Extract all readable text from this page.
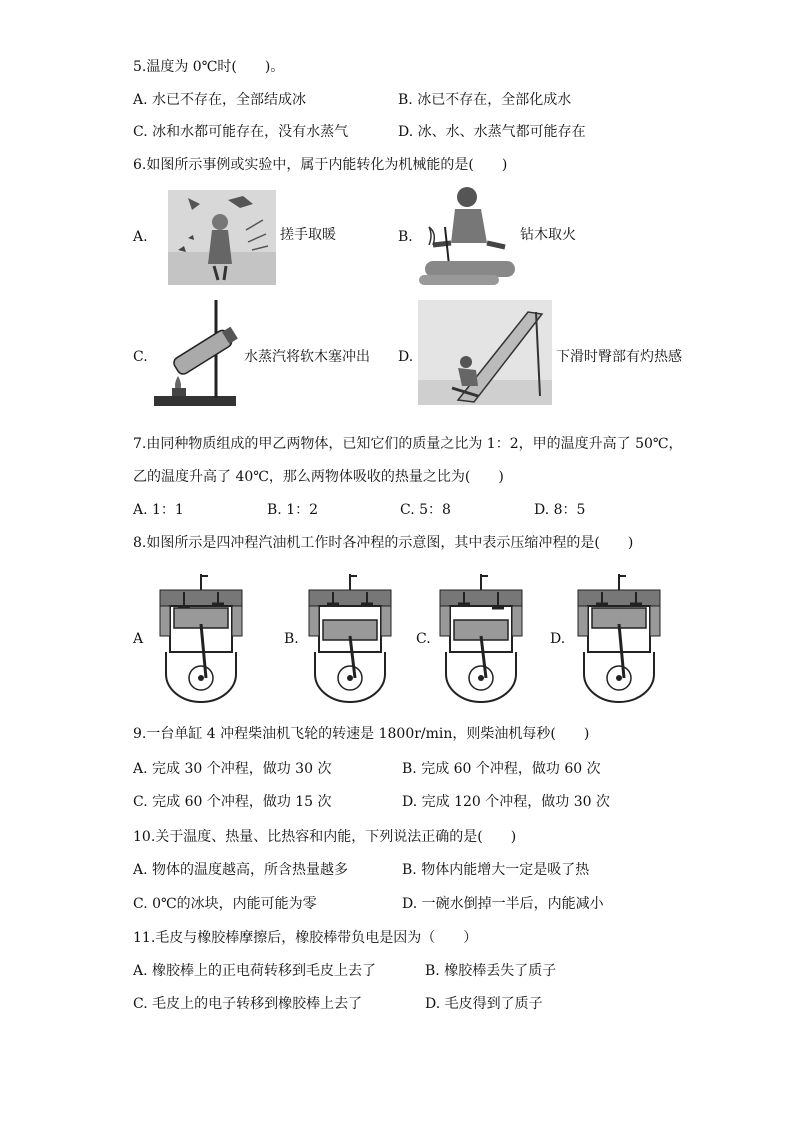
5.温度为 0℃时(　　)。
A. 水已不存在，全部结成冰	B. 冰已不存在，全部化成水
C. 冰和水都可能存在，没有水蒸气	D. 冰、水、水蒸气都可能存在
6.如图所示事例或实验中，属于内能转化为机械能的是(　　)
A.	搓手取暖	B.	钻木取火
C.	水蒸汽将软木塞冲出 D.	下滑时臀部有灼热感
7.由同种物质组成的甲乙两物体，已知它们的质量之比为 1：2，甲的温度升高了 50℃，
乙的温度升高了 40℃，那么两物体吸收的热量之比为(　　)
A. 1：1	B. 1：2	C. 5：8	D. 8：5
8.如图所示是四冲程汽油机工作时各冲程的示意图，其中表示压缩冲程的是(　　)
A	B.	C.	D.
9.一台单缸 4 冲程柴油机飞轮的转速是 1800r/min，则柴油机每秒(　　)
A. 完成 30 个冲程，做功 30 次	B. 完成 60 个冲程，做功 60 次
C. 完成 60 个冲程，做功 15 次	D. 完成 120 个冲程，做功 30 次
10.关于温度、热量、比热容和内能，下列说法正确的是(　　)
A. 物体的温度越高，所含热量越多	B. 物体内能增大一定是吸了热
C. 0℃的冰块，内能可能为零	D. 一碗水倒掉一半后，内能减小
11.毛皮与橡胶棒摩擦后，橡胶棒带负电是因为（　　）
A. 橡胶棒上的正电荷转移到毛皮上去了	B. 橡胶棒丢失了质子
C. 毛皮上的电子转移到橡胶棒上去了	D. 毛皮得到了质子
